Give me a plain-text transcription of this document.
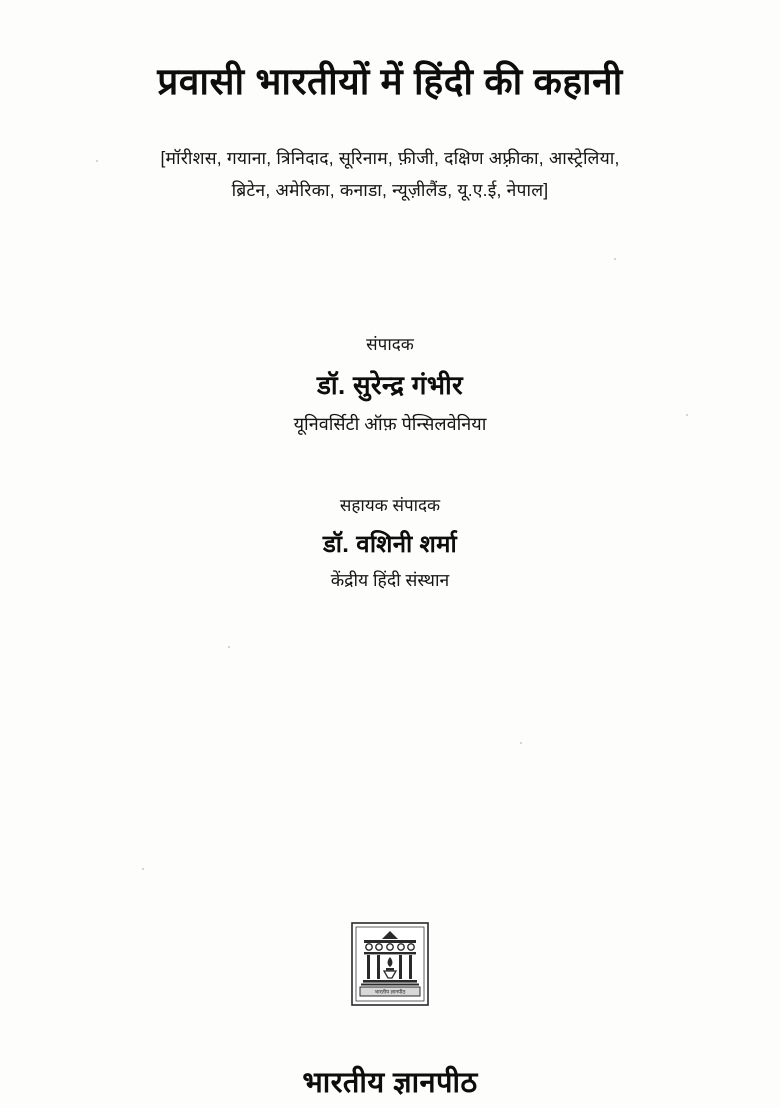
प्रवासी भारतीयों में हिंदी की कहानी
[मॉरीशस, गयाना, त्रिनिदाद, सूरिनाम, फ़ीजी, दक्षिण अफ़्रीका, आस्ट्रेलिया,
ब्रिटेन, अमेरिका, कनाडा, न्यूज़ीलैंड, यू.ए.ई, नेपाल]
संपादक
डॉ. सुरेन्द्र गंभीर
यूनिवर्सिटी ऑफ़ पेन्सिलवेनिया
सहायक संपादक
डॉ. वशिनी शर्मा
केंद्रीय हिंदी संस्थान
भारतीय ज्ञानपीठ
भारतीय ज्ञानपीठ
